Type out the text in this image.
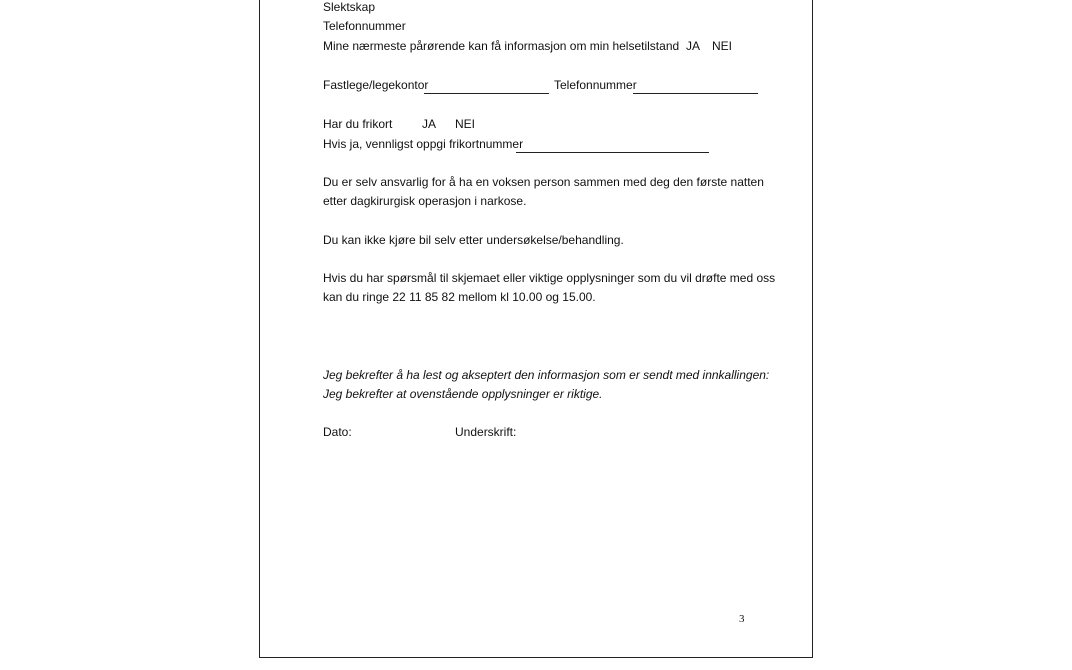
Slektskap
Telefonnummer
Mine nærmeste pårørende kan få informasjon om min helsetilstand JA NEI
Fastlege/legekontor	Telefonnummer
Har du frikort JA NEI
Hvis ja, vennligst oppgi frikortnummer
Du er selv ansvarlig for å ha en voksen person sammen med deg den første natten
etter dagkirurgisk operasjon i narkose.
Du kan ikke kjøre bil selv etter undersøkelse/behandling.
Hvis du har spørsmål til skjemaet eller viktige opplysninger som du vil drøfte med oss
kan du ringe 22 11 85 82 mellom kl 10.00 og 15.00.
Jeg bekrefter å ha lest og akseptert den informasjon som er sendt med innkallingen:
Jeg bekrefter at ovenstående opplysninger er riktige.
Dato:	Underskrift:
3
